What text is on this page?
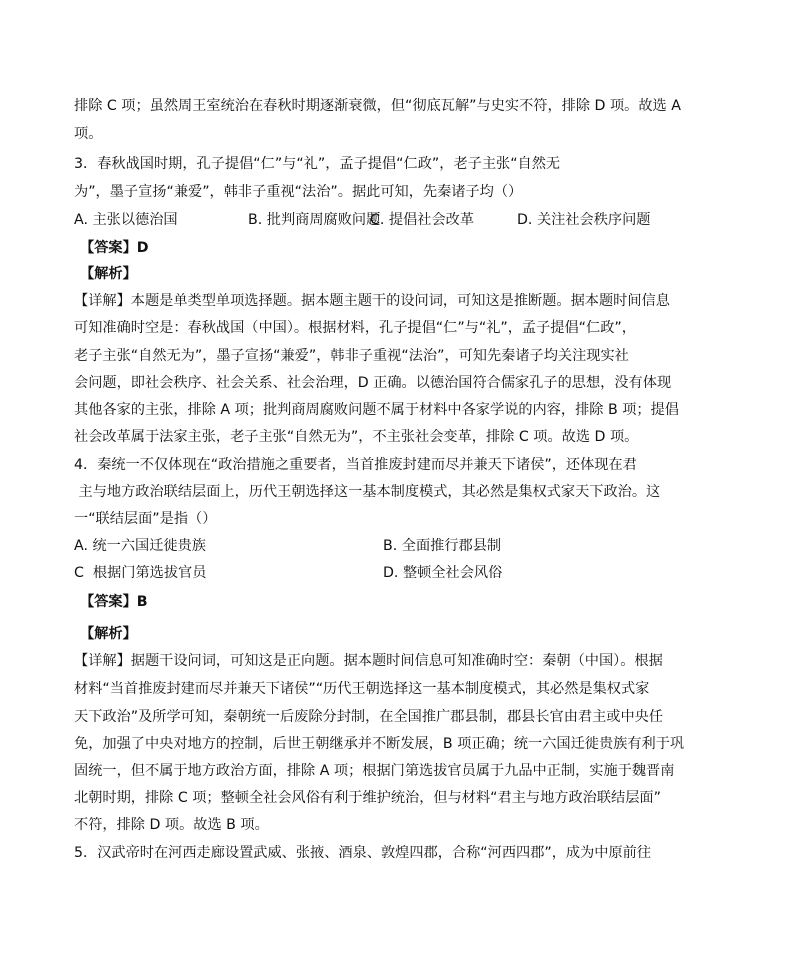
排除 C 项；虽然周王室统治在春秋时期逐渐衰微，但“彻底瓦解”与史实不符，排除 D 项。故选 A
项。
3．春秋战国时期，孔子提倡“仁”与“礼”，孟子提倡“仁政”，老子主张“自然无
为”，墨子宣扬“兼爱”，韩非子重视“法治”。据此可知，先秦诸子均（）
A. 主张以德治国	B. 批判商周腐败问题
C. 提倡社会改革	D. 关注社会秩序问题
【答案】D
【解析】
【详解】本题是单类型单项选择题。据本题主题干的设问词，可知这是推断题。据本题时间信息
可知准确时空是：春秋战国（中国）。根据材料，孔子提倡“仁”与“礼”，孟子提倡“仁政”，
老子主张“自然无为”，墨子宣扬“兼爱”，韩非子重视“法治”，可知先秦诸子均关注现实社
会问题，即社会秩序、社会关系、社会治理，D 正确。以德治国符合儒家孔子的思想，没有体现
其他各家的主张，排除 A 项；批判商周腐败问题不属于材料中各家学说的内容，排除 B 项；提倡
社会改革属于法家主张，老子主张“自然无为”，不主张社会变革，排除 C 项。故选 D 项。
4．秦统一不仅体现在“政治措施之重要者，当首推废封建而尽并兼天下诸侯”，还体现在君
主与地方政治联结层面上，历代王朝选择这一基本制度模式，其必然是集权式家天下政治。这
一“联结层面”是指（）
A. 统一六国迁徙贵族	B. 全面推行郡县制
C  根据门第选拔官员	D. 整顿全社会风俗
【答案】B
【解析】
【详解】据题干设问词，可知这是正向题。据本题时间信息可知准确时空：秦朝（中国）。根据
材料“当首推废封建而尽并兼天下诸侯”“历代王朝选择这一基本制度模式，其必然是集权式家
天下政治”及所学可知，秦朝统一后废除分封制，在全国推广郡县制，郡县长官由君主或中央任
免，加强了中央对地方的控制，后世王朝继承并不断发展，B 项正确；统一六国迁徙贵族有利于巩
固统一，但不属于地方政治方面，排除 A 项；根据门第选拔官员属于九品中正制，实施于魏晋南
北朝时期，排除 C 项；整顿全社会风俗有利于维护统治，但与材料“君主与地方政治联结层面”
不符，排除 D 项。故选 B 项。
5．汉武帝时在河西走廊设置武威、张掖、酒泉、敦煌四郡，合称“河西四郡”，成为中原前往
